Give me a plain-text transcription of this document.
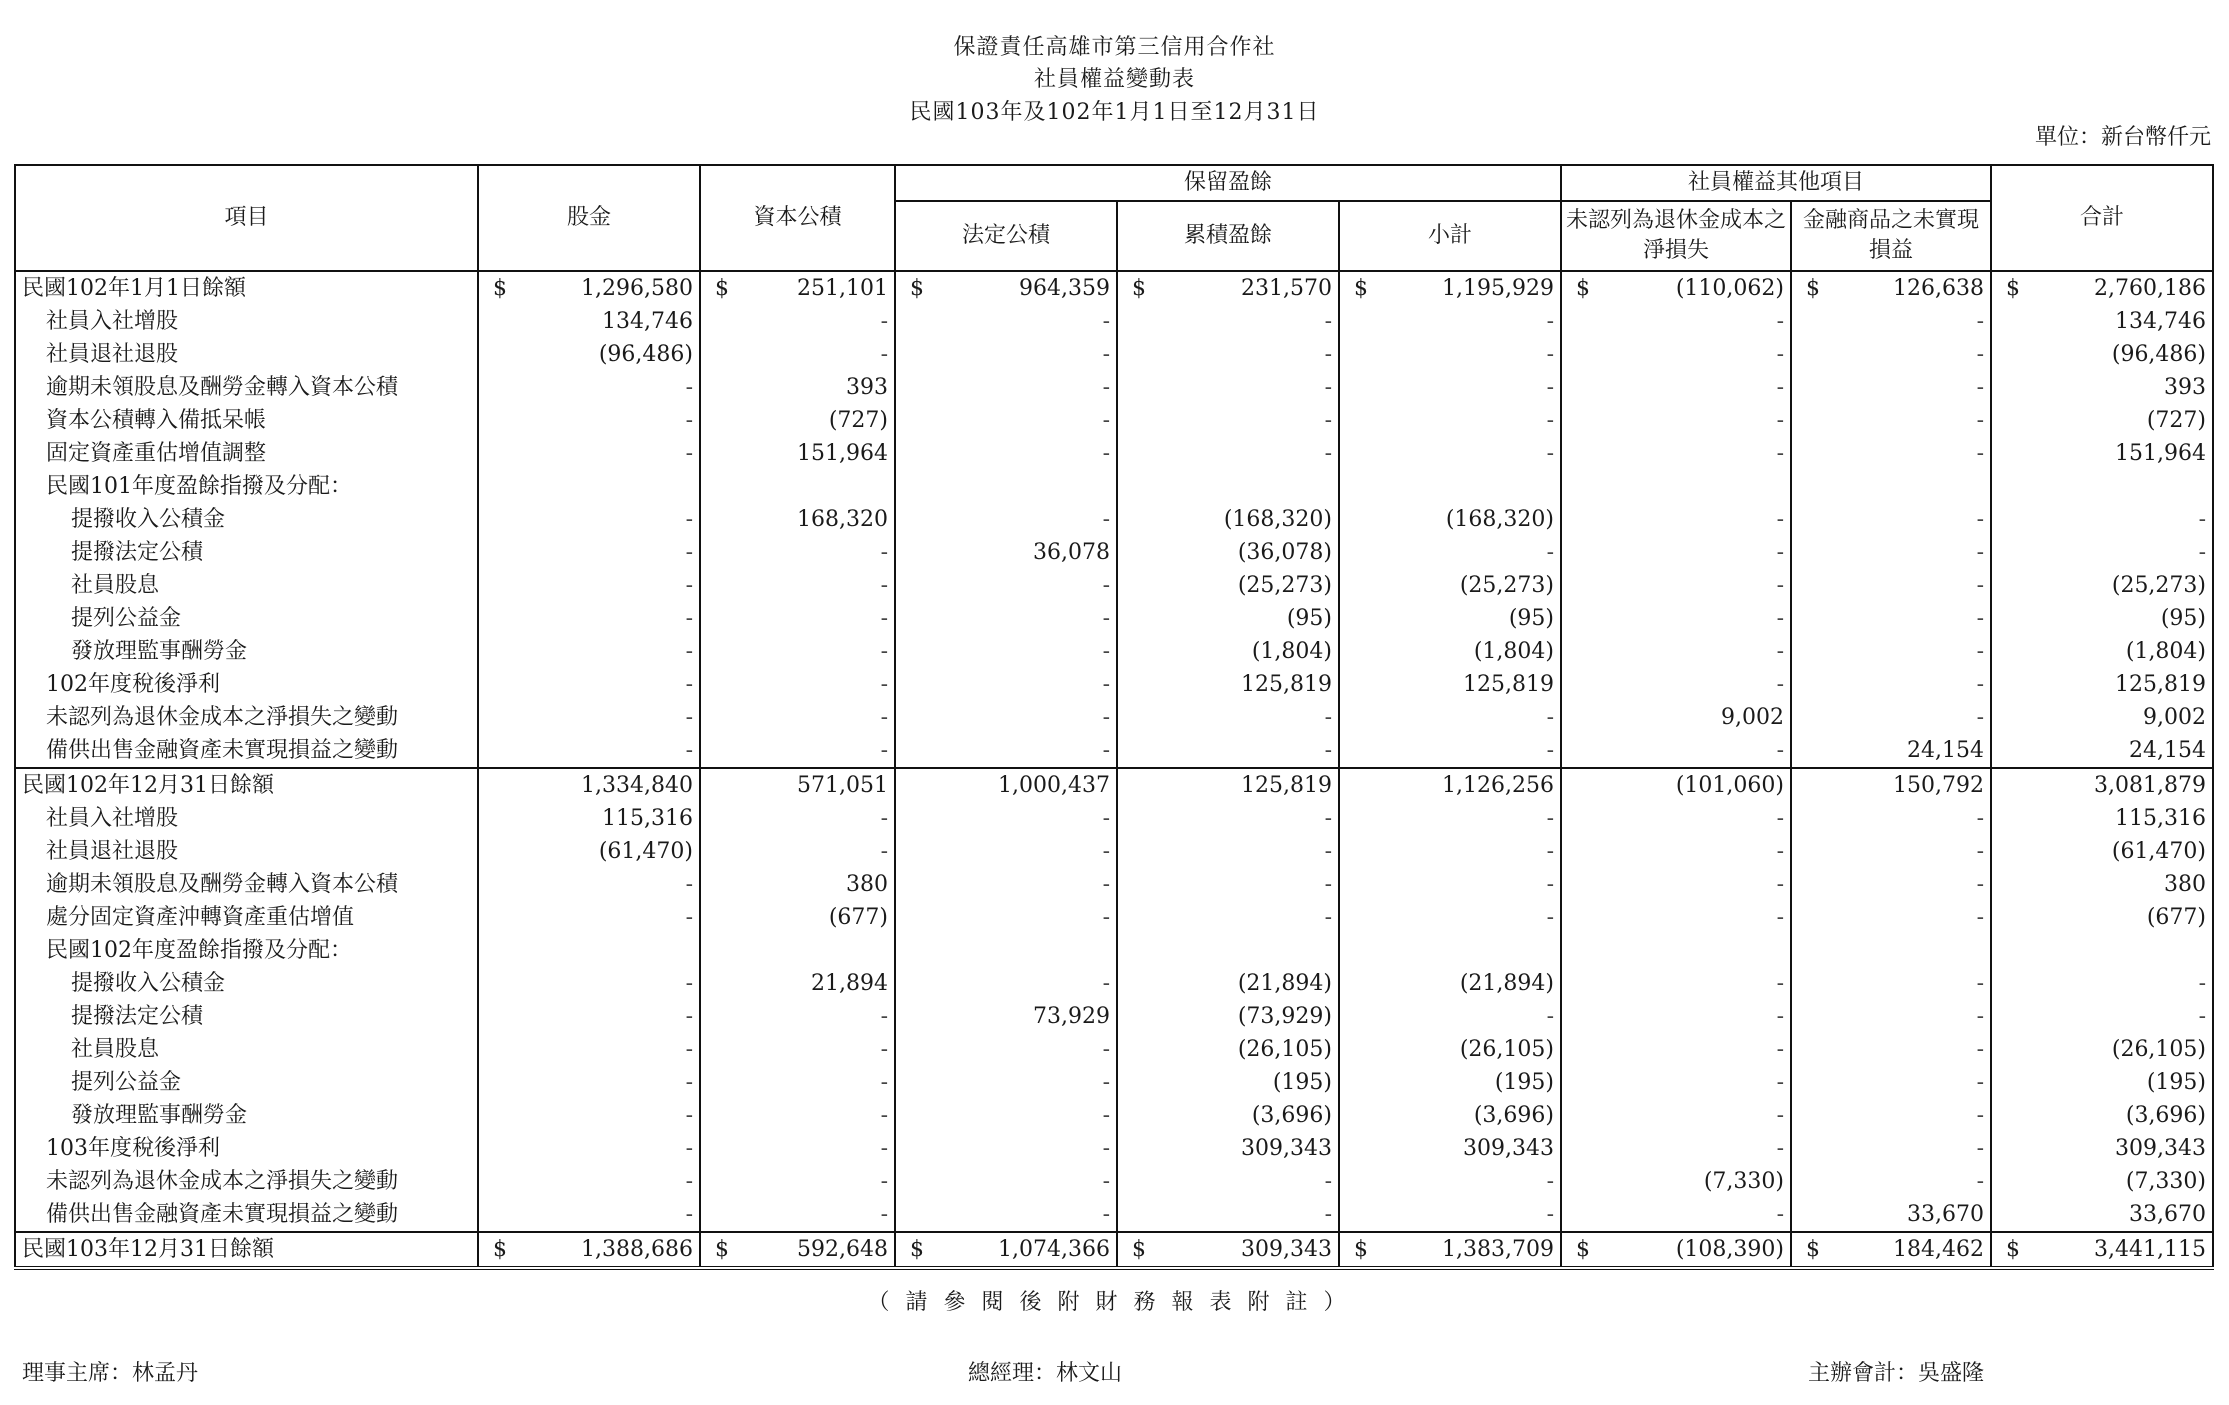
保證責任高雄市第三信用合作社
社員權益變動表
民國103年及102年1月1日至12月31日
單位：新台幣仟元
項目	股金	資本公積	保留盈餘			社員權益其他項目		合計
			法定公積	累積盈餘	小計	未認列為退休金成本之淨損失	金融商品之未實現損益	
民國102年1月1日餘額	$ 1,296,580	$ 251,101	$ 964,359	$ 231,570	$ 1,195,929	$ (110,062)	$ 126,638	$ 2,760,186
社員入社增股	134,746	-	-	-	-	-	-	134,746
社員退社退股	(96,486)	-	-	-	-	-	-	(96,486)
逾期未領股息及酬勞金轉入資本公積	-	393	-	-	-	-	-	393
資本公積轉入備抵呆帳	-	(727)	-	-	-	-	-	(727)
固定資產重估增值調整	-	151,964	-	-	-	-	-	151,964
民國101年度盈餘指撥及分配：								
提撥收入公積金	-	168,320	-	(168,320)	(168,320)	-	-	-
提撥法定公積	-	-	36,078	(36,078)	-	-	-	-
社員股息	-	-	-	(25,273)	(25,273)	-	-	(25,273)
提列公益金	-	-	-	(95)	(95)	-	-	(95)
發放理監事酬勞金	-	-	-	(1,804)	(1,804)	-	-	(1,804)
102年度稅後淨利	-	-	-	125,819	125,819	-	-	125,819
未認列為退休金成本之淨損失之變動	-	-	-	-	-	9,002	-	9,002
備供出售金融資產未實現損益之變動	-	-	-	-	-	-	24,154	24,154
民國102年12月31日餘額	1,334,840	571,051	1,000,437	125,819	1,126,256	(101,060)	150,792	3,081,879
社員入社增股	115,316	-	-	-	-	-	-	115,316
社員退社退股	(61,470)	-	-	-	-	-	-	(61,470)
逾期未領股息及酬勞金轉入資本公積	-	380	-	-	-	-	-	380
處分固定資產沖轉資產重估增值	-	(677)	-	-	-	-	-	(677)
民國102年度盈餘指撥及分配：								
提撥收入公積金	-	21,894	-	(21,894)	(21,894)	-	-	-
提撥法定公積	-	-	73,929	(73,929)	-	-	-	-
社員股息	-	-	-	(26,105)	(26,105)	-	-	(26,105)
提列公益金	-	-	-	(195)	(195)	-	-	(195)
發放理監事酬勞金	-	-	-	(3,696)	(3,696)	-	-	(3,696)
103年度稅後淨利	-	-	-	309,343	309,343	-	-	309,343
未認列為退休金成本之淨損失之變動	-	-	-	-	-	(7,330)	-	(7,330)
備供出售金融資產未實現損益之變動	-	-	-	-	-	-	33,670	33,670
民國103年12月31日餘額	$ 1,388,686	$ 592,648	$ 1,074,366	$ 309,343	$ 1,383,709	$ (108,390)	$ 184,462	$ 3,441,115
（請參閱後附財務報表附註）
理事主席：林孟丹	總經理：林文山	主辦會計：吳盛隆
